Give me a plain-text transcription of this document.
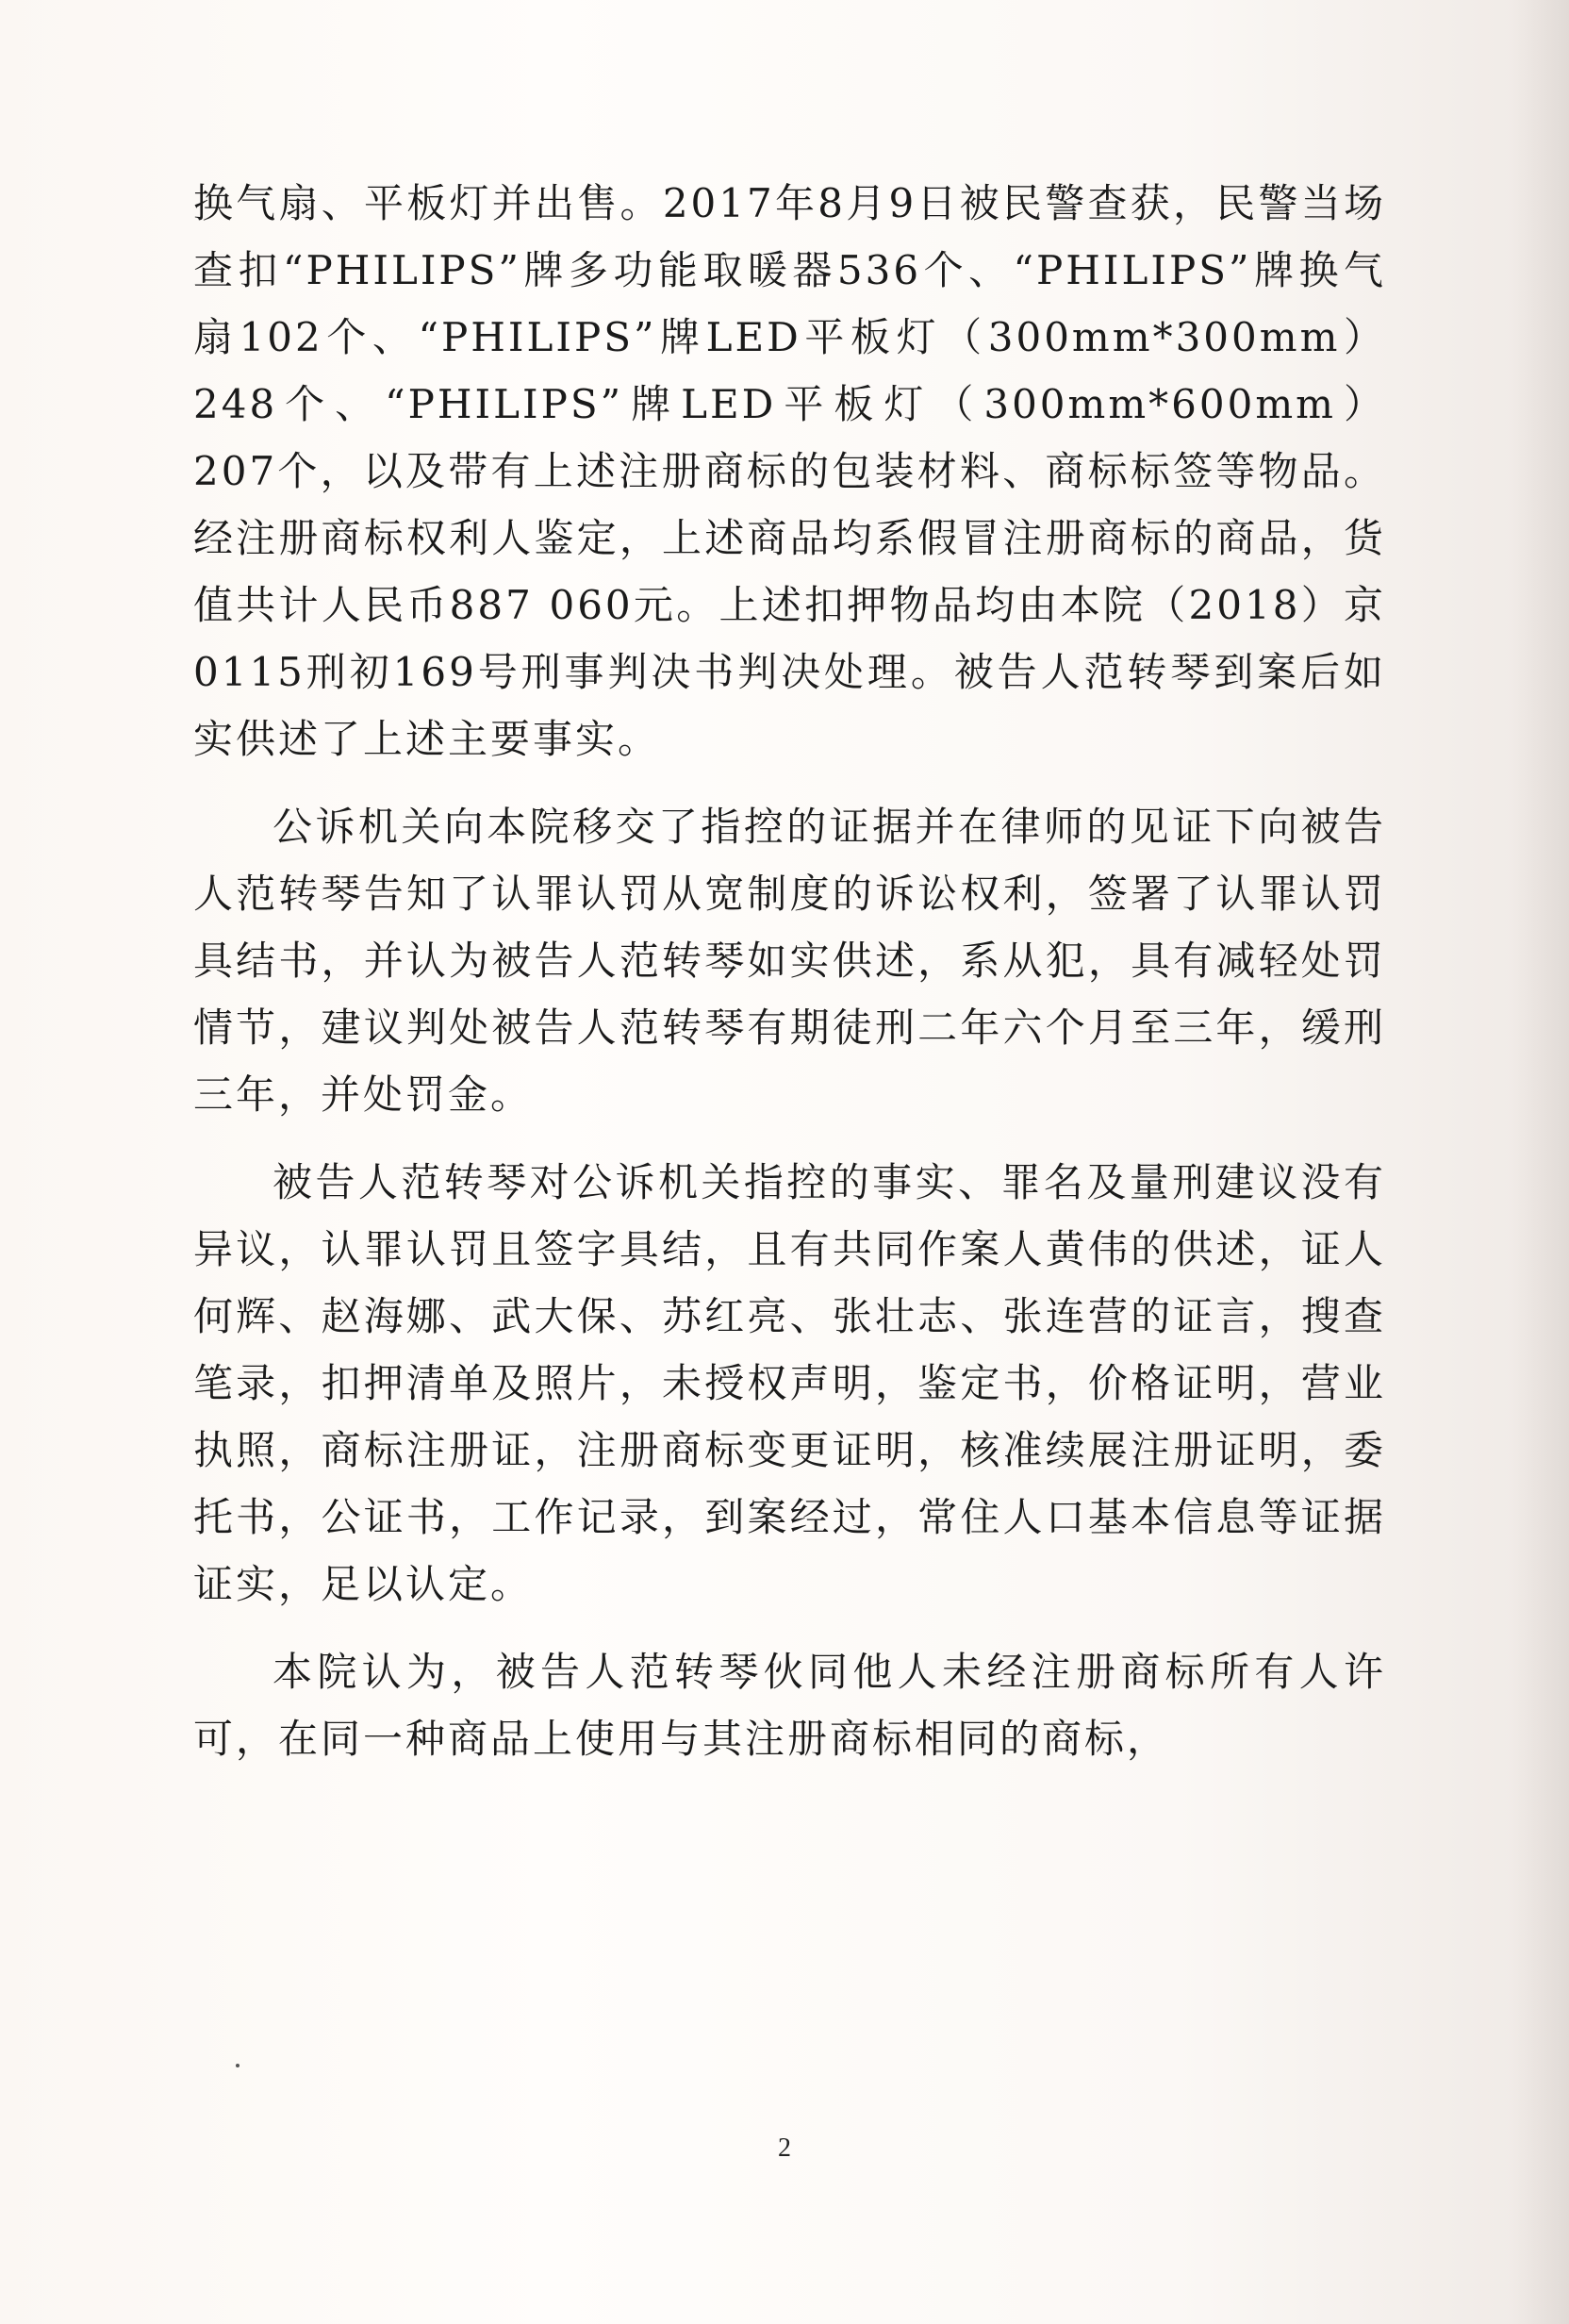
换气扇、平板灯并出售。2017年8月9日被民警查获，民警当场查扣“PHILIPS”牌多功能取暖器536个、“PHILIPS”牌换气扇102个、“PHILIPS”牌LED平板灯（300mm*300mm）248个、“PHILIPS”牌LED平板灯（300mm*600mm）207个，以及带有上述注册商标的包装材料、商标标签等物品。经注册商标权利人鉴定，上述商品均系假冒注册商标的商品，货值共计人民币887 060元。上述扣押物品均由本院（2018）京0115刑初169号刑事判决书判决处理。被告人范转琴到案后如实供述了上述主要事实。

公诉机关向本院移交了指控的证据并在律师的见证下向被告人范转琴告知了认罪认罚从宽制度的诉讼权利，签署了认罪认罚具结书，并认为被告人范转琴如实供述，系从犯，具有减轻处罚情节，建议判处被告人范转琴有期徒刑二年六个月至三年，缓刑三年，并处罚金。

被告人范转琴对公诉机关指控的事实、罪名及量刑建议没有异议，认罪认罚且签字具结，且有共同作案人黄伟的供述，证人何辉、赵海娜、武大保、苏红亮、张壮志、张连营的证言，搜查笔录，扣押清单及照片，未授权声明，鉴定书，价格证明，营业执照，商标注册证，注册商标变更证明，核准续展注册证明，委托书，公证书，工作记录，到案经过，常住人口基本信息等证据证实，足以认定。

本院认为，被告人范转琴伙同他人未经注册商标所有人许可，在同一种商品上使用与其注册商标相同的商标，

2
